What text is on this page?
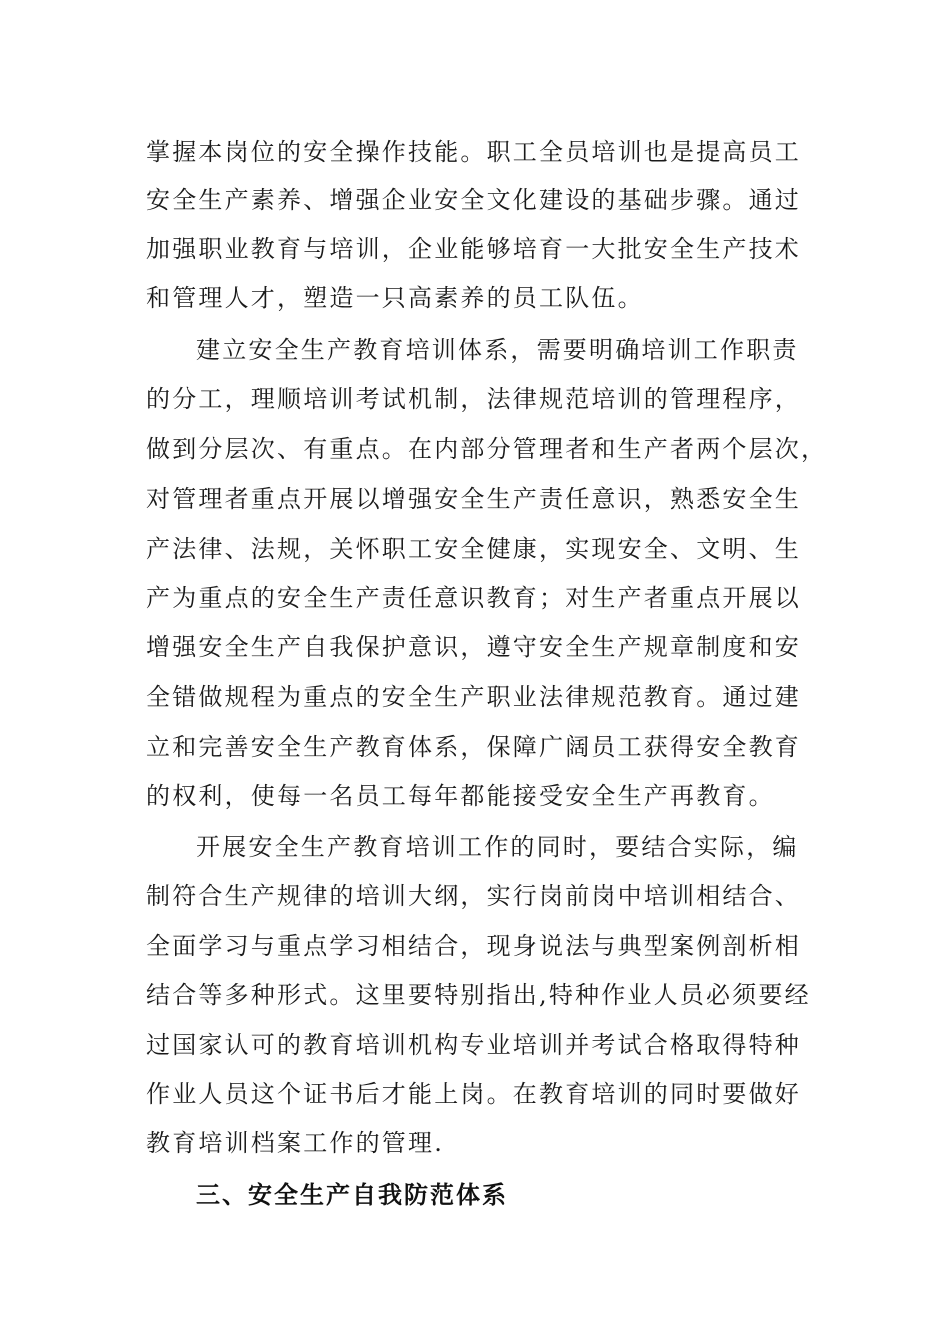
掌握本岗位的安全操作技能。职工全员培训也是提高员工
安全生产素养、增强企业安全文化建设的基础步骤。通过
加强职业教育与培训，企业能够培育一大批安全生产技术
和管理人才，塑造一只高素养的员工队伍。
建立安全生产教育培训体系，需要明确培训工作职责
的分工，理顺培训考试机制，法律规范培训的管理程序，
做到分层次、有重点。在内部分管理者和生产者两个层次，
对管理者重点开展以增强安全生产责任意识，熟悉安全生
产法律、法规，关怀职工安全健康，实现安全、文明、生
产为重点的安全生产责任意识教育；对生产者重点开展以
增强安全生产自我保护意识，遵守安全生产规章制度和安
全错做规程为重点的安全生产职业法律规范教育。通过建
立和完善安全生产教育体系，保障广阔员工获得安全教育
的权利，使每一名员工每年都能接受安全生产再教育。
开展安全生产教育培训工作的同时，要结合实际，编
制符合生产规律的培训大纲，实行岗前岗中培训相结合、
全面学习与重点学习相结合，现身说法与典型案例剖析相
结合等多种形式。这里要特别指出,特种作业人员必须要经
过国家认可的教育培训机构专业培训并考试合格取得特种
作业人员这个证书后才能上岗。在教育培训的同时要做好
教育培训档案工作的管理.
三、安全生产自我防范体系
